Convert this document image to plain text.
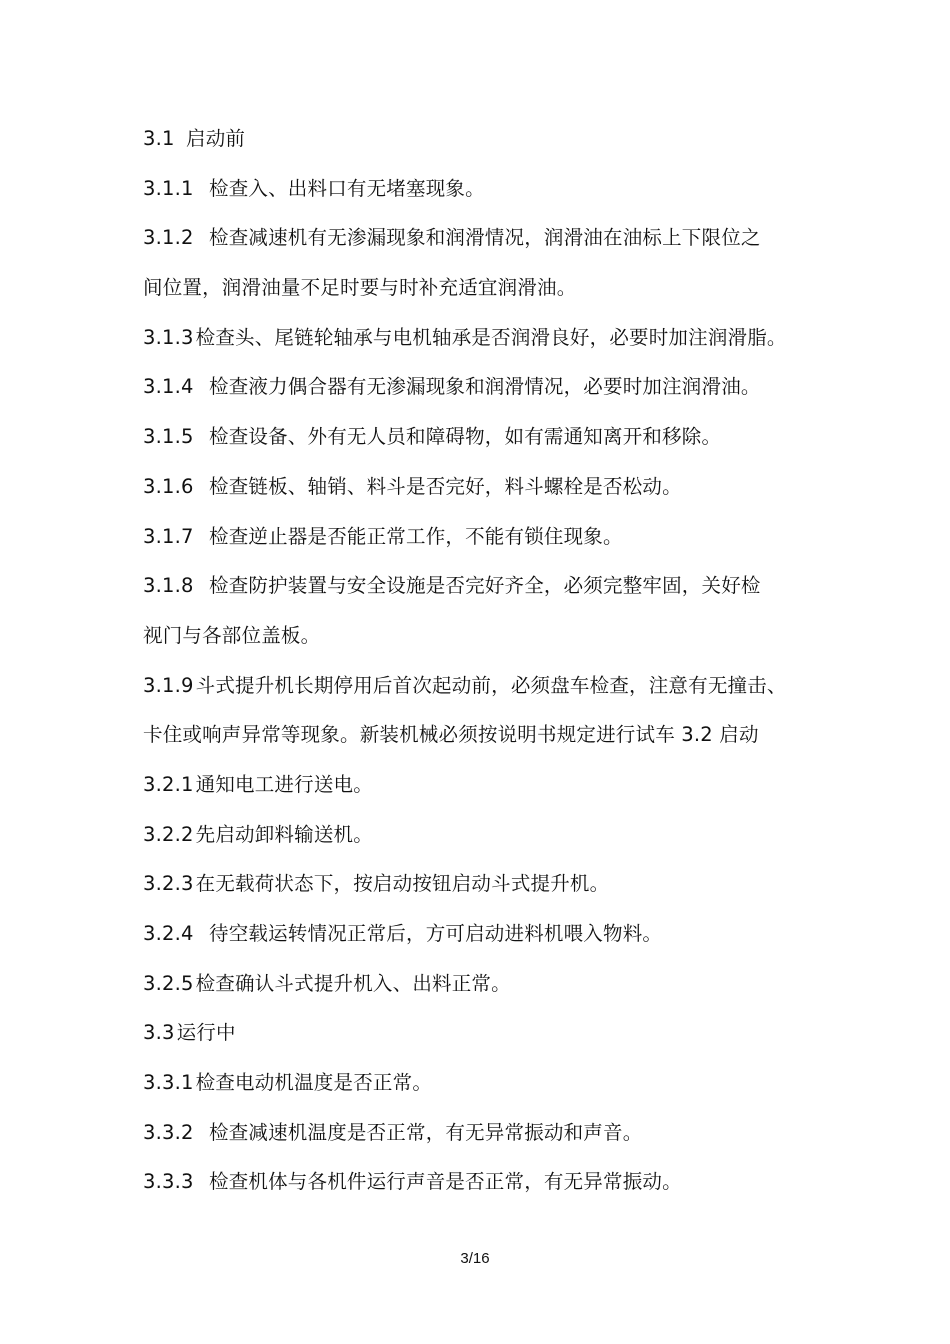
3.1 启动前
3.1.1 检查入、出料口有无堵塞现象。
3.1.2 检查减速机有无渗漏现象和润滑情况，润滑油在油标上下限位之
间位置，润滑油量不足时要与时补充适宜润滑油。
3.1.3 检查头、尾链轮轴承与电机轴承是否润滑良好，必要时加注润滑脂。
3.1.4 检查液力偶合器有无渗漏现象和润滑情况，必要时加注润滑油。
3.1.5 检查设备、外有无人员和障碍物，如有需通知离开和移除。
3.1.6 检查链板、轴销、料斗是否完好，料斗螺栓是否松动。
3.1.7 检查逆止器是否能正常工作，不能有锁住现象。
3.1.8 检查防护装置与安全设施是否完好齐全，必须完整牢固，关好检
视门与各部位盖板。
3.1.9 斗式提升机长期停用后首次起动前，必须盘车检查，注意有无撞击、
卡住或响声异常等现象。新装机械必须按说明书规定进行试车 3.2 启动
3.2.1 通知电工进行送电。
3.2.2 先启动卸料输送机。
3.2.3 在无载荷状态下，按启动按钮启动斗式提升机。
3.2.4 待空载运转情况正常后，方可启动进料机喂入物料。
3.2.5 检查确认斗式提升机入、出料正常。
3.3 运行中
3.3.1 检查电动机温度是否正常。
3.3.2 检查减速机温度是否正常，有无异常振动和声音。
3.3.3 检查机体与各机件运行声音是否正常，有无异常振动。
3/16
